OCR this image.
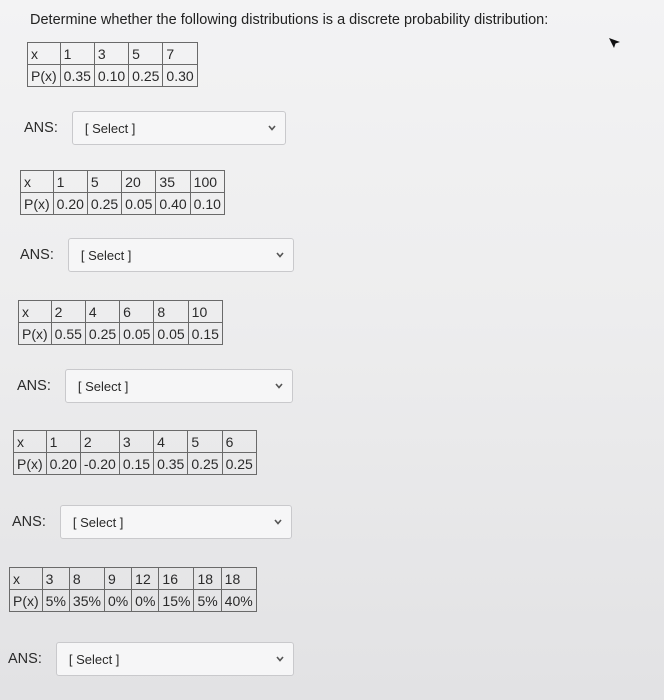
Determine whether the following distributions is a discrete probability distribution:
x	1	3	5	7
P(x)	0.35	0.10	0.25	0.30
ANS: [ Select ]
x	1	5	20	35	100
P(x)	0.20	0.25	0.05	0.40	0.10
ANS: [ Select ]
x	2	4	6	8	10
P(x)	0.55	0.25	0.05	0.05	0.15
ANS: [ Select ]
x	1	2	3	4	5	6
P(x)	0.20	-0.20	0.15	0.35	0.25	0.25
ANS: [ Select ]
x	3	8	9	12	16	18	18
P(x)	5%	35%	0%	0%	15%	5%	40%
ANS: [ Select ]
